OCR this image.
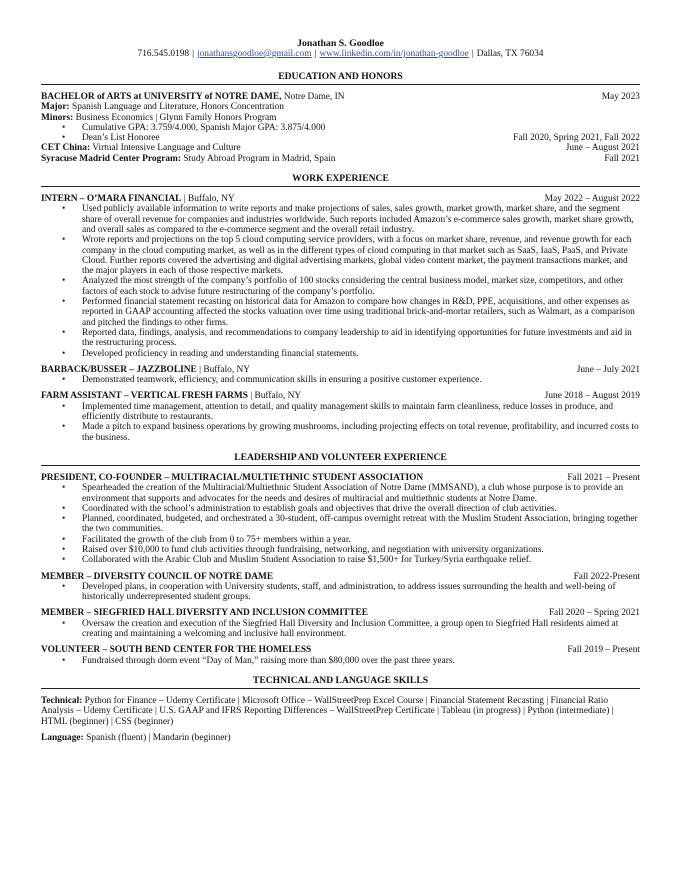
Jonathan S. Goodloe
716.545.0198 | jonathansgoodloe@gmail.com | www.linkedin.com/in/jonathan-goodloe | Dallas, TX 76034
EDUCATION AND HONORS
BACHELOR of ARTS at UNIVERSITY of NOTRE DAME, Notre Dame, IN	May 2023
Major: Spanish Language and Literature, Honors Concentration
Minors: Business Economics | Glynn Family Honors Program
• Cumulative GPA: 3.759/4.000, Spanish Major GPA: 3.875/4.000
• Dean’s List Honoree	Fall 2020, Spring 2021, Fall 2022
CET China: Virtual Intensive Language and Culture	June – August 2021
Syracuse Madrid Center Program: Study Abroad Program in Madrid, Spain	Fall 2021
WORK EXPERIENCE
INTERN – O’MARA FINANCIAL | Buffalo, NY	May 2022 – August 2022
• Used publicly available information to write reports and make projections of sales, sales growth, market growth, market share, and the segment share of overall revenue for companies and industries worldwide. Such reports included Amazon’s e-commerce sales growth, market share growth, and overall sales as compared to the e-commerce segment and the overall retail industry.
• Wrote reports and projections on the top 5 cloud computing service providers, with a focus on market share, revenue, and revenue growth for each company in the cloud computing market, as well as in the different types of cloud computing in that market such as SaaS, IaaS, PaaS, and Private Cloud. Further reports covered the advertising and digital advertising markets, global video content market, the payment transactions market, and the major players in each of those respective markets.
• Analyzed the most strength of the company’s portfolio of 100 stocks considering the central business model, market size, competitors, and other factors of each stock to advise future restructuring of the company’s portfolio.
• Performed financial statement recasting on historical data for Amazon to compare how changes in R&D, PPE, acquisitions, and other expenses as reported in GAAP accounting affected the stocks valuation over time using traditional brick-and-mortar retailers, such as Walmart, as a comparison and pitched the findings to other firms.
• Reported data, findings, analysis, and recommendations to company leadership to aid in identifying opportunities for future investments and aid in the restructuring process.
• Developed proficiency in reading and understanding financial statements.
BARBACK/BUSSER – JAZZBOLINE | Buffalo, NY	June – July 2021
• Demonstrated teamwork, efficiency, and communication skills in ensuring a positive customer experience.
FARM ASSISTANT – VERTICAL FRESH FARMS | Buffalo, NY	June 2018 – August 2019
• Implemented time management, attention to detail, and quality management skills to maintain farm cleanliness, reduce losses in produce, and efficiently distribute to restaurants.
• Made a pitch to expand business operations by growing mushrooms, including projecting effects on total revenue, profitability, and incurred costs to the business.
LEADERSHIP AND VOLUNTEER EXPERIENCE
PRESIDENT, CO-FOUNDER – MULTIRACIAL/MULTIETHNIC STUDENT ASSOCIATION	Fall 2021 – Present
• Spearheaded the creation of the Multiracial/Multiethnic Student Association of Notre Dame (MMSAND), a club whose purpose is to provide an environment that supports and advocates for the needs and desires of multiracial and multiethnic students at Notre Dame.
• Coordinated with the school’s administration to establish goals and objectives that drive the overall direction of club activities.
• Planned, coordinated, budgeted, and orchestrated a 30-student, off-campus overnight retreat with the Muslim Student Association, bringing together the two communities.
• Facilitated the growth of the club from 0 to 75+ members within a year.
• Raised over $10,000 to fund club activities through fundraising, networking, and negotiation with university organizations.
• Collaborated with the Arabic Club and Muslim Student Association to raise $1,500+ for Turkey/Syria earthquake relief.
MEMBER – DIVERSITY COUNCIL OF NOTRE DAME	Fall 2022-Present
• Developed plans, in cooperation with University students, staff, and administration, to address issues surrounding the health and well-being of historically underrepresented student groups.
MEMBER – SIEGFRIED HALL DIVERSITY AND INCLUSION COMMITTEE	Fall 2020 – Spring 2021
• Oversaw the creation and execution of the Siegfried Hall Diversity and Inclusion Committee, a group open to Siegfried Hall residents aimed at creating and maintaining a welcoming and inclusive hall environment.
VOLUNTEER – SOUTH BEND CENTER FOR THE HOMELESS	Fall 2019 – Present
• Fundraised through dorm event “Day of Man,” raising more than $80,000 over the past three years.
TECHNICAL AND LANGUAGE SKILLS

Technical: Python for Finance – Udemy Certificate | Microsoft Office – WallStreetPrep Excel Course | Financial Statement Recasting | Financial Ratio Analysis – Udemy Certificate | U.S. GAAP and IFRS Reporting Differences – WallStreetPrep Certificate | Tableau (in progress) | Python (intermediate) | HTML (beginner) | CSS (beginner)

Language: Spanish (fluent) | Mandarin (beginner)
